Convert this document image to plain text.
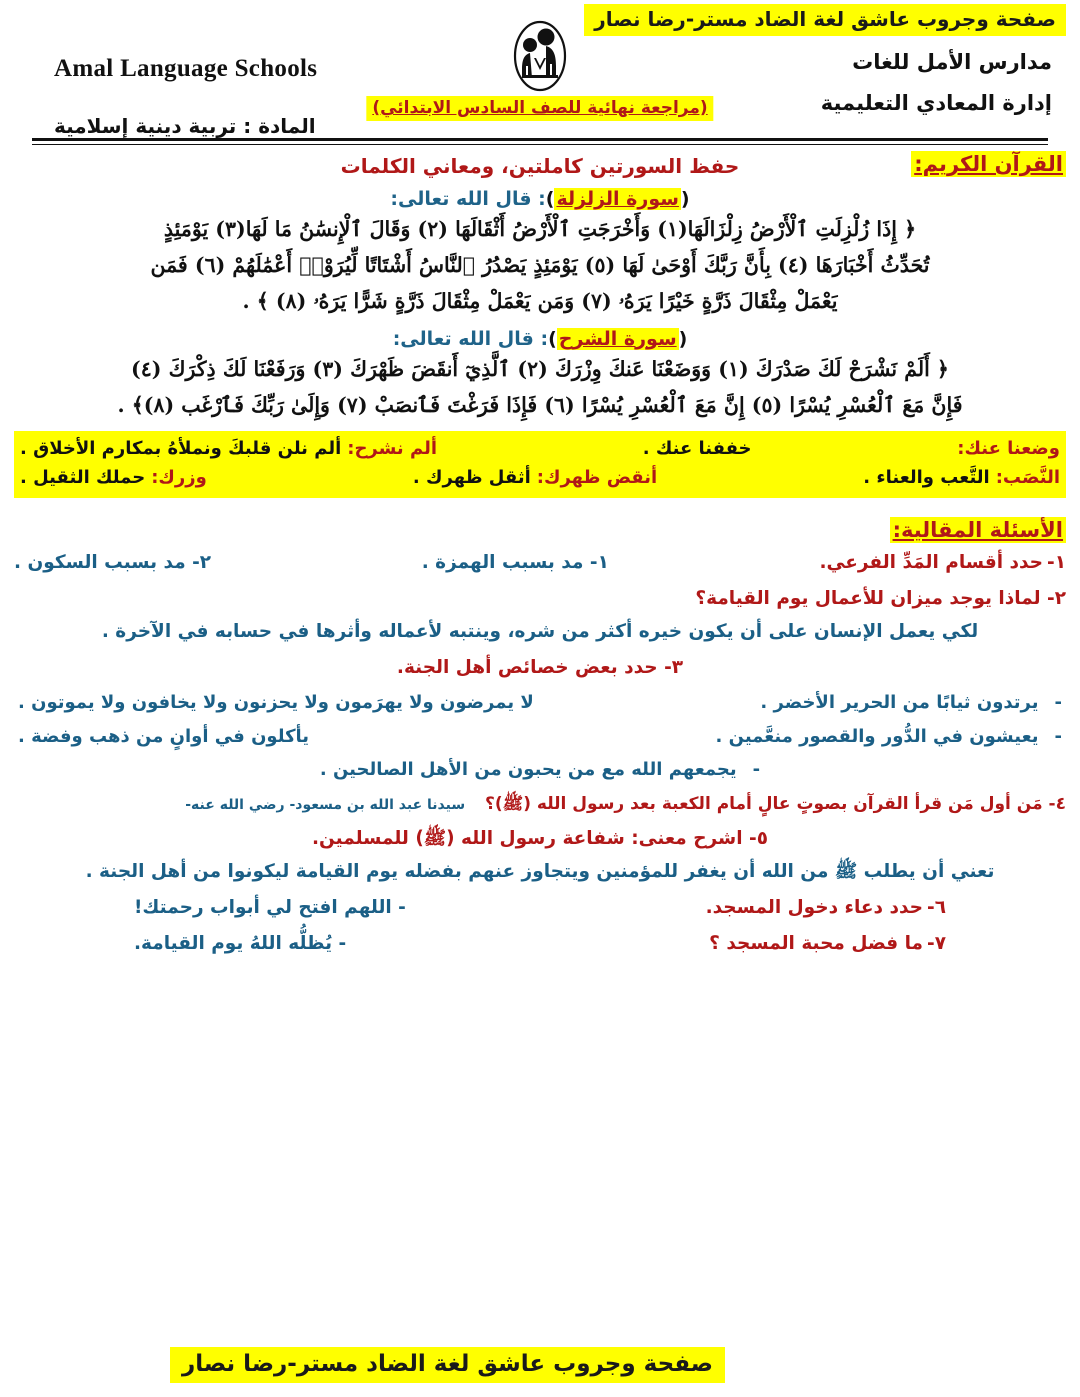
صفحة وجروب عاشق لغة الضاد مستر-رضا نصار
مدارس الأمل للغات
إدارة المعادي التعليمية
Amal Language Schools
المادة : تربية دينية إسلامية
(مراجعة نهائية للصف السادس الابتدائي)
القرآن الكريم:
حفظ السورتين كاملتين، ومعاني الكلمات
(سورة الزلزلة): قال الله تعالى:
﴿ إِذَا زُلْزِلَتِ ٱلْأَرْضُ زِلْزَالَهَا(١) وَأَخْرَجَتِ ٱلْأَرْضُ أَثْقَالَهَا (٢) وَقَالَ ٱلْإِنسَٰنُ مَا لَهَا(٣) يَوْمَئِذٍ
تُحَدِّثُ أَخْبَارَهَا (٤) بِأَنَّ رَبَّكَ أَوْحَىٰ لَهَا (٥) يَوْمَئِذٍ يَصْدُرُ ٱلنَّاسُ أَشْتَاتًا لِّيُرَوْا۟ أَعْمَٰلَهُمْ (٦) فَمَن
يَعْمَلْ مِثْقَالَ ذَرَّةٍ خَيْرًا يَرَهُۥ (٧) وَمَن يَعْمَلْ مِثْقَالَ ذَرَّةٍ شَرًّا يَرَهُۥ (٨) ﴾ .
(سورة الشرح): قال الله تعالى:
﴿ أَلَمْ نَشْرَحْ لَكَ صَدْرَكَ (١) وَوَضَعْنَا عَنكَ وِزْرَكَ (٢) ٱلَّذِيٓ أَنقَضَ ظَهْرَكَ (٣) وَرَفَعْنَا لَكَ ذِكْرَكَ (٤)
فَإِنَّ مَعَ ٱلْعُسْرِ يُسْرًا (٥) إِنَّ مَعَ ٱلْعُسْرِ يُسْرًا (٦) فَإِذَا فَرَغْتَ فَٱنصَبْ (٧) وَإِلَىٰ رَبِّكَ فَٱرْغَب (٨)﴾ .
وضعنا عنك:
خففنا عنك .
ألم نشرح:
ألم نلن قلبكَ ونملأهُ بمكارم الأخلاق .
النَّصَب:
التَّعب والعناء .
أنقض ظهرك:
أثقل ظهرك .
وزرك:
حملك الثقيل .
الأسئلة المقالية:
١-
حدد أقسام المَدِّ الفرعي.
١- مد بسبب الهمزة .
٢- مد بسبب السكون .
٢- لماذا يوجد ميزان للأعمال يوم القيامة؟
لكي يعمل الإنسان على أن يكون خيره أكثر من شره، وينتبه لأعماله وأثرها في حسابه في الآخرة .
٣- حدد بعض خصائص أهل الجنة.
-
يرتدون ثيابًا من الحرير الأخضر .
لا يمرضون ولا يهرَمون ولا يحزنون ولا يخافون ولا يموتون .
-
يعيشون في الدُّور والقصور منعَّمين .
يأكلون في أوانٍ من ذهب وفضة .
-
يجمعهم الله مع من يحبون من الأهل الصالحين .
٤- مَن أول مَن قرأ القرآن بصوتٍ عالٍ أمام الكعبة بعد رسول الله (ﷺ)؟ سيدنا عبد الله بن مسعود- رضي الله عنه-
٥- اشرح معنى: شفاعة رسول الله (ﷺ) للمسلمين.
تعني أن يطلب ﷺ من الله أن يغفر للمؤمنين ويتجاوز عنهم بفضله يوم القيامة ليكونوا من أهل الجنة .
٦-
حدد دعاء دخول المسجد.
- اللهم افتح لي أبواب رحمتك!
٧-
ما فضل محبة المسجد ؟
- يُظلُّه اللهُ يوم القيامة.
صفحة وجروب عاشق لغة الضاد مستر-رضا نصار
